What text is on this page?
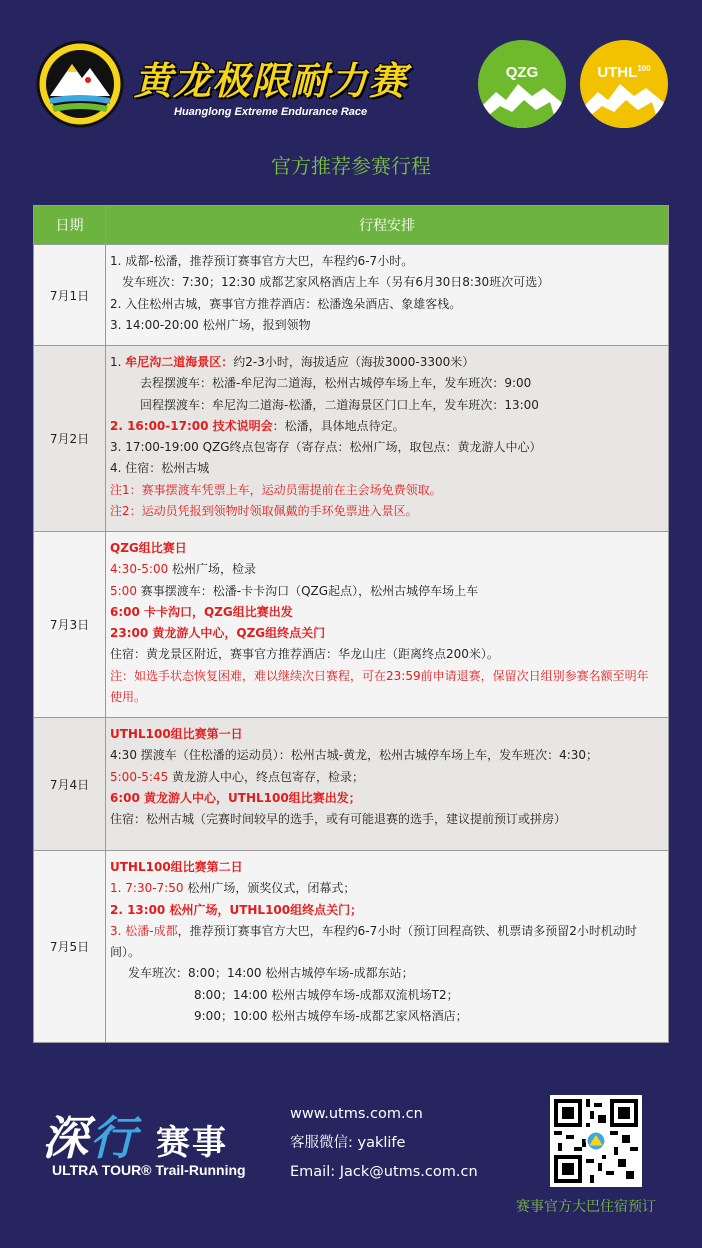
黄龙极限耐力赛
Huanglong Extreme Endurance Race
QZG	UTHL$^{100}$
官方推荐参赛行程
日期	行程安排
7月1日
1. 成都-松潘，推荐预订赛事官方大巴，车程约6-7小时。
发车班次：7:30；12:30 成都艺家风格酒店上车（另有6月30日8:30班次可选）
2. 入住松州古城，赛事官方推荐酒店：松潘逸朵酒店、象雄客栈。
3. 14:00-20:00 松州广场，报到领物
7月2日
1. 牟尼沟二道海景区：约2-3小时，海拔适应（海拔3000-3300米）
去程摆渡车：松潘-牟尼沟二道海，松州古城停车场上车，发车班次：9:00
回程摆渡车：牟尼沟二道海-松潘，二道海景区门口上车，发车班次：13:00
2. 16:00-17:00 技术说明会：松潘，具体地点待定。
3. 17:00-19:00 QZG终点包寄存（寄存点：松州广场，取包点：黄龙游人中心）
4. 住宿：松州古城
注1：赛事摆渡车凭票上车，运动员需提前在主会场免费领取。
注2：运动员凭报到领物时领取佩戴的手环免票进入景区。
7月3日
QZG组比赛日
4:30-5:00 松州广场，检录
5:00 赛事摆渡车：松潘-卡卡沟口（QZG起点），松州古城停车场上车
6:00 卡卡沟口，QZG组比赛出发
23:00 黄龙游人中心，QZG组终点关门
住宿：黄龙景区附近，赛事官方推荐酒店：华龙山庄（距离终点200米）。
注：如选手状态恢复困难，难以继续次日赛程，可在23:59前申请退赛，保留次日组别参赛名额至明年使用。
7月4日
UTHL100组比赛第一日
4:30 摆渡车（住松潘的运动员）：松州古城-黄龙，松州古城停车场上车，发车班次：4:30；
5:00-5:45 黄龙游人中心，终点包寄存，检录；
6:00 黄龙游人中心，UTHL100组比赛出发；
住宿：松州古城（完赛时间较早的选手，或有可能退赛的选手，建议提前预订或拼房）
7月5日
UTHL100组比赛第二日
1. 7:30-7:50 松州广场，颁奖仪式，闭幕式；
2. 13:00 松州广场，UTHL100组终点关门；
3. 松潘-成都，推荐预订赛事官方大巴，车程约6-7小时（预订回程高铁、机票请多预留2小时机动时间）。
发车班次：8:00；14:00 松州古城停车场-成都东站；
8:00；14:00 松州古城停车场-成都双流机场T2；
9:00；10:00 松州古城停车场-成都艺家风格酒店；
深行 赛事
ULTRA TOUR® Trail-Running
www.utms.com.cn
客服微信: yaklife
Email: Jack@utms.com.cn
赛事官方大巴住宿预订
